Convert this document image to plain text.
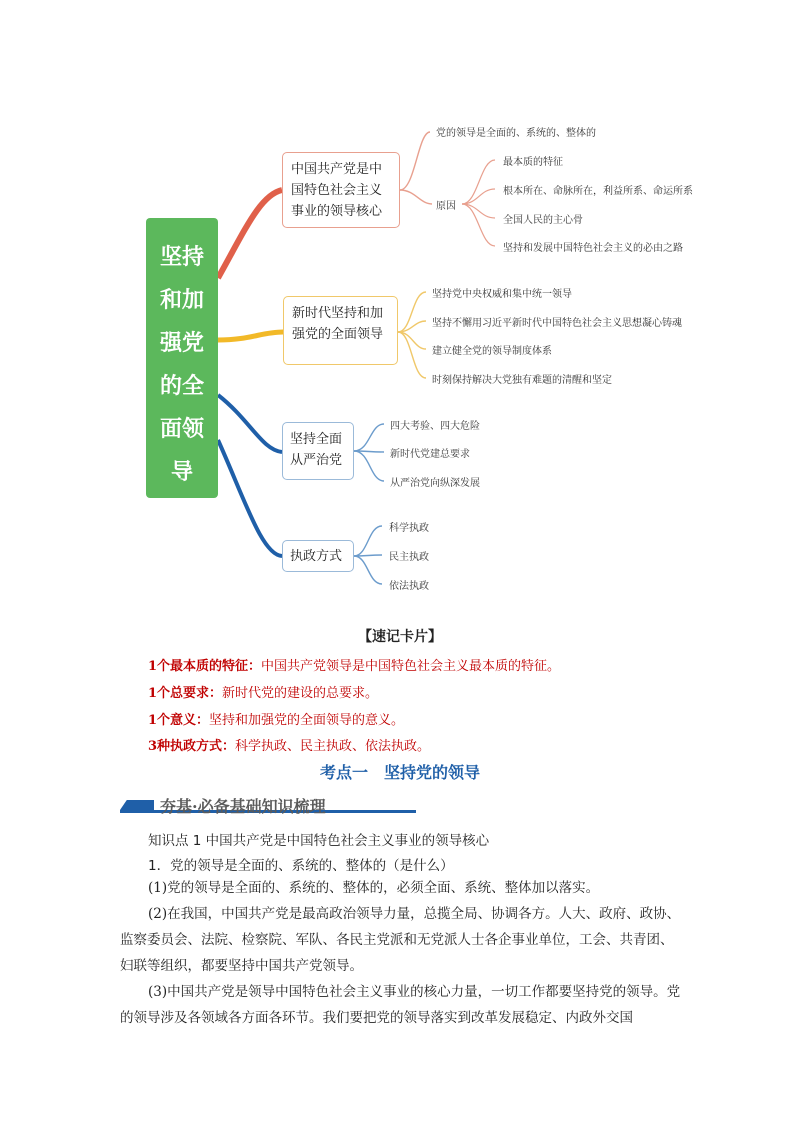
坚持和加强党的全面领导
中国共产党是中国特色社会主义事业的领导核心
党的领导是全面的、系统的、整体的
原因
最本质的特征
根本所在、命脉所在，利益所系、命运所系
全国人民的主心骨
坚持和发展中国特色社会主义的必由之路
新时代坚持和加强党的全面领导
坚持党中央权威和集中统一领导
坚持不懈用习近平新时代中国特色社会主义思想凝心铸魂
建立健全党的领导制度体系
时刻保持解决大党独有难题的清醒和坚定
坚持全面从严治党
四大考验、四大危险
新时代党建总要求
从严治党向纵深发展
执政方式
科学执政
民主执政
依法执政
【速记卡片】
1个最本质的特征：中国共产党领导是中国特色社会主义最本质的特征。
1个总要求：新时代党的建设的总要求。
1个意义：坚持和加强党的全面领导的意义。
3种执政方式：科学执政、民主执政、依法执政。
考点一　坚持党的领导
夯基·必备基础知识梳理
知识点 1 中国共产党是中国特色社会主义事业的领导核心
1．党的领导是全面的、系统的、整体的（是什么）
(1)党的领导是全面的、系统的、整体的，必须全面、系统、整体加以落实。
(2)在我国，中国共产党是最高政治领导力量，总揽全局、协调各方。人大、政府、政协、监察委员会、法院、检察院、军队、各民主党派和无党派人士各企事业单位，工会、共青团、妇联等组织，都要坚持中国共产党领导。
(3)中国共产党是领导中国特色社会主义事业的核心力量，一切工作都要坚持党的领导。党的领导涉及各领域各方面各环节。我们要把党的领导落实到改革发展稳定、内政外交国
